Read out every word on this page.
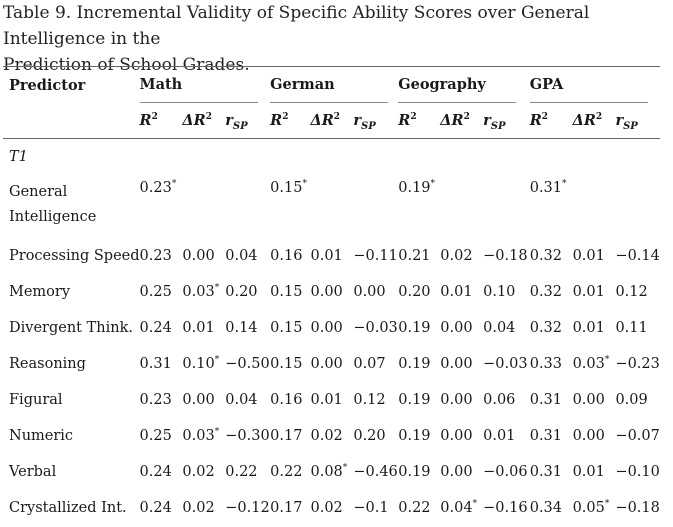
Table 9. Incremental Validity of Specific Ability Scores over General Intelligence in the
Prediction of School Grades.
Predictor	Math			German			Geography			GPA		
	$R^2$	$\Delta R^2$	$r_{SP}$	$R^2$	$\Delta R^2$	$r_{SP}$	$R^2$	$\Delta R^2$	$r_{SP}$	$R^2$	$\Delta R^2$	$r_{SP}$
T1												

General
Intelligence	0.23*			0.15*			0.19*			0.31*		
Processing Speed	0.23	0.00	0.04	0.16	0.01	−0.11	0.21	0.02	−0.18	0.32	0.01	−0.14
Memory	0.25	0.03*	0.20	0.15	0.00	0.00	0.20	0.01	0.10	0.32	0.01	0.12
Divergent Think.	0.24	0.01	0.14	0.15	0.00	−0.03	0.19	0.00	0.04	0.32	0.01	0.11
Reasoning	0.31	0.10*	−0.50	0.15	0.00	0.07	0.19	0.00	−0.03	0.33	0.03*	−0.23
Figural	0.23	0.00	0.04	0.16	0.01	0.12	0.19	0.00	0.06	0.31	0.00	0.09
Numeric	0.25	0.03*	−0.30	0.17	0.02	0.20	0.19	0.00	0.01	0.31	0.00	−0.07
Verbal	0.24	0.02	0.22	0.22	0.08*	−0.46	0.19	0.00	−0.06	0.31	0.01	−0.10
Crystallized Int.	0.24	0.02	−0.12	0.17	0.02	−0.1	0.22	0.04*	−0.16	0.34	0.05*	−0.18
